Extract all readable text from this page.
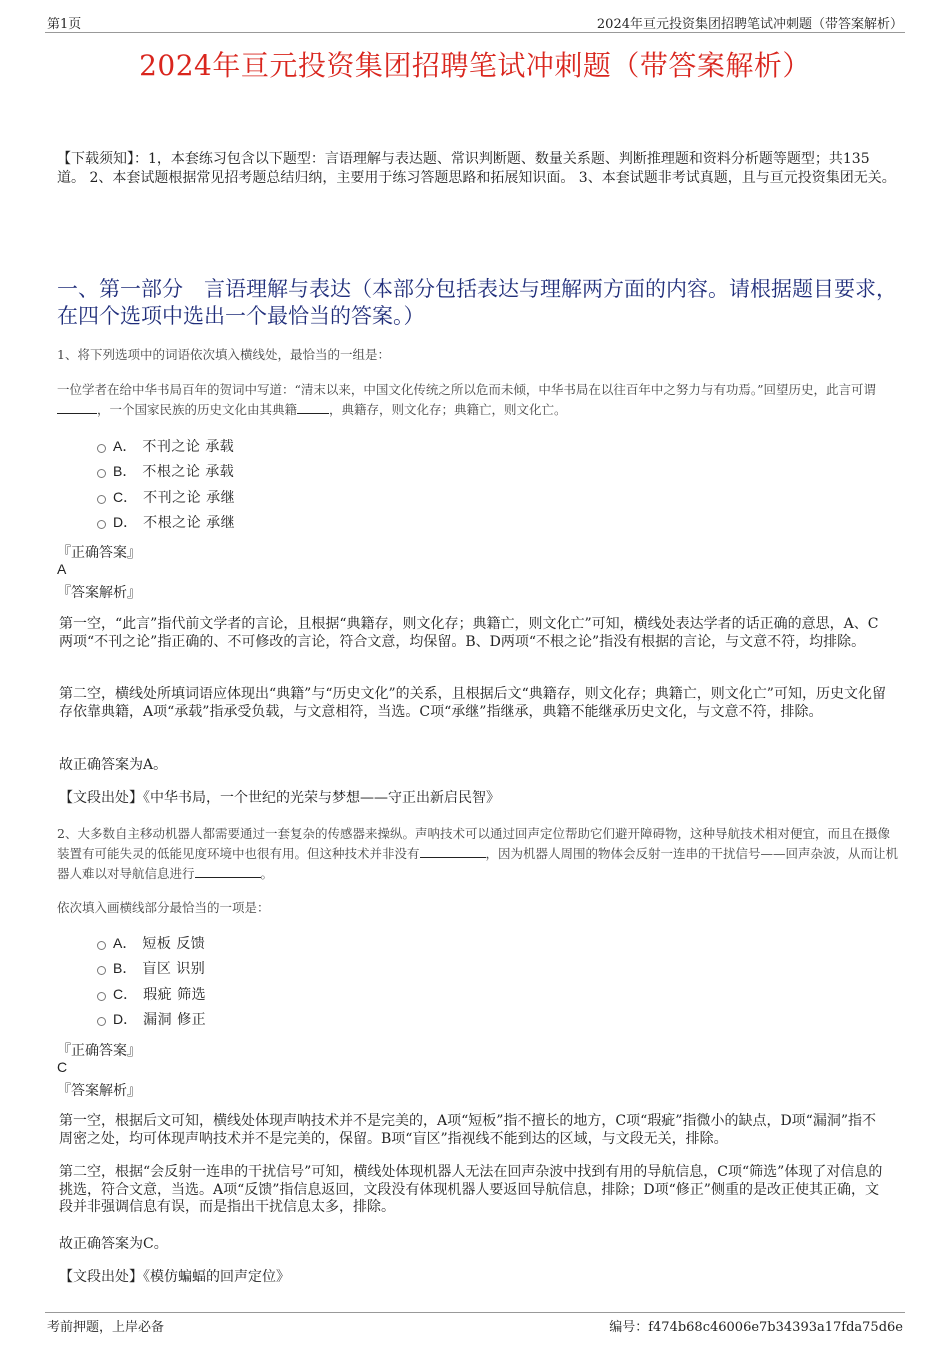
第1页	2024年亘元投资集团招聘笔试冲刺题（带答案解析）
2024年亘元投资集团招聘笔试冲刺题（带答案解析）
【下载须知】：1，本套练习包含以下题型：言语理解与表达题、常识判断题、数量关系题、判断推理题和资料分析题等题型；共135道。 2、本套试题根据常见招考题总结归纳，主要用于练习答题思路和拓展知识面。 3、本套试题非考试真题，且与亘元投资集团无关。
一、第一部分　言语理解与表达（本部分包括表达与理解两方面的内容。请根据题目要求，在四个选项中选出一个最恰当的答案。）
1、将下列选项中的词语依次填入横线处，最恰当的一组是：
一位学者在给中华书局百年的贺词中写道：“清末以来，中国文化传统之所以危而未倾，中华书局在以往百年中之努力与有功焉。”回望历史，此言可谓，一个国家民族的历史文化由其典籍	，典籍存，则文化存；典籍亡，则文化亡。
A． 不刊之论 承载
B． 不根之论 承载
C． 不刊之论 承继
D． 不根之论 承继
『正确答案』
A
『答案解析』
第一空，“此言”指代前文学者的言论，且根据“典籍存，则文化存；典籍亡，则文化亡”可知，横线处表达学者的话正确的意思，A、C两项“不刊之论”指正确的、不可修改的言论，符合文意，均保留。B、D两项“不根之论”指没有根据的言论，与文意不符，均排除。
第二空，横线处所填词语应体现出“典籍”与“历史文化”的关系，且根据后文“典籍存，则文化存；典籍亡，则文化亡”可知，历史文化留存依靠典籍，A项“承载”指承受负载，与文意相符，当选。C项“承继”指继承，典籍不能继承历史文化，与文意不符，排除。
故正确答案为A。
【文段出处】《中华书局，一个世纪的光荣与梦想——守正出新启民智》
2、大多数自主移动机器人都需要通过一套复杂的传感器来操纵。声呐技术可以通过回声定位帮助它们避开障碍物，这种导航技术相对便宜，而且在摄像装置有可能失灵的低能见度环境中也很有用。但这种技术并非没有	，因为机器人周围的物体会反射一连串的干扰信号——回声杂波，从而让机器人难以对导航信息进行	。
依次填入画横线部分最恰当的一项是：
A． 短板 反馈
B． 盲区 识别
C． 瑕疵 筛选
D． 漏洞 修正
『正确答案』
C
『答案解析』
第一空，根据后文可知，横线处体现声呐技术并不是完美的，A项“短板”指不擅长的地方，C项“瑕疵”指微小的缺点，D项“漏洞”指不周密之处，均可体现声呐技术并不是完美的，保留。B项“盲区”指视线不能到达的区域，与文段无关，排除。
第二空，根据“会反射一连串的干扰信号”可知，横线处体现机器人无法在回声杂波中找到有用的导航信息，C项“筛选”体现了对信息的挑选，符合文意，当选。A项“反馈”指信息返回，文段没有体现机器人要返回导航信息，排除；D项“修正”侧重的是改正使其正确，文段并非强调信息有误，而是指出干扰信息太多，排除。
故正确答案为C。
【文段出处】《模仿蝙蝠的回声定位》
考前押题，上岸必备	编号：f474b68c46006e7b34393a17fda75d6e
